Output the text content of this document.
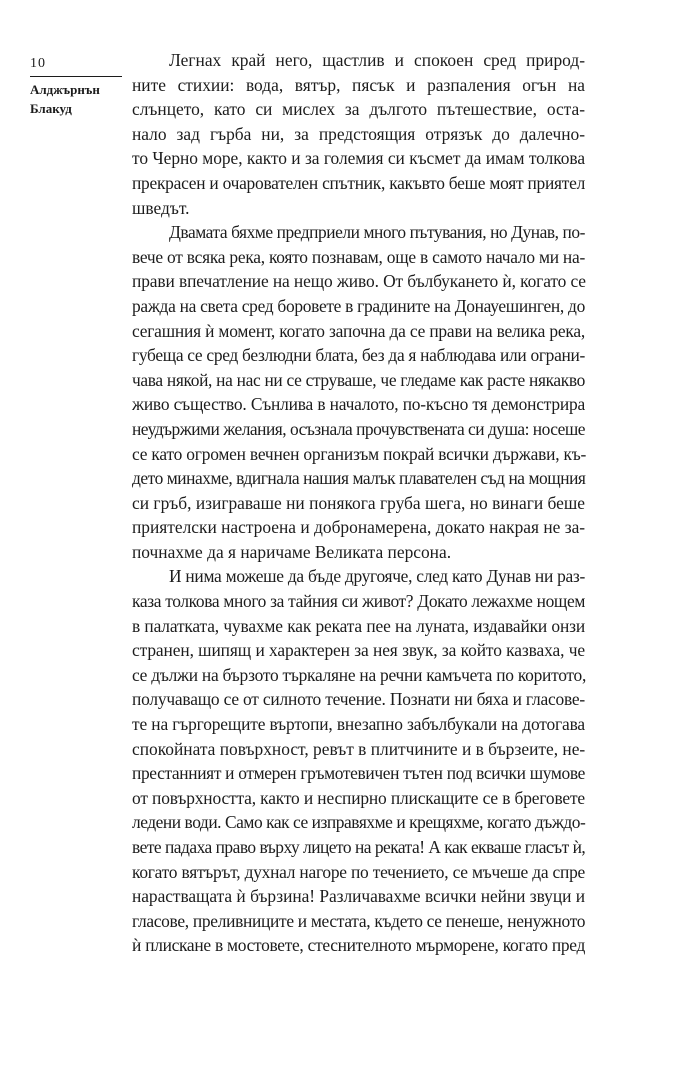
10
Алджърнън
Блакуд
Легнах край него, щастлив и спокоен сред природ-
ните стихии: вода, вятър, пясък и разпаления огън на
слънцето, като си мислех за дългото пътешествие, оста-
нало зад гърба ни, за предстоящия отрязък до далечно-
то Черно море, както и за големия си късмет да имам толкова
прекрасен и очарователен спътник, какъвто беше моят приятел
шведът.
Двамата бяхме предприели много пътувания, но Дунав, по-
вече от всяка река, която познавам, още в самото начало ми на-
прави впечатление на нещо живо. От бълбукането ѝ, когато се
ражда на света сред боровете в градините на Донауешинген, до
сегашния ѝ момент, когато започна да се прави на велика река,
губеща се сред безлюдни блата, без да я наблюдава или ограни-
чава някой, на нас ни се струваше, че гледаме как расте някакво
живо същество. Сънлива в началото, по-късно тя демонстрира
неудържими желания, осъзнала прочувствената си душа: носеше
се като огромен вечнен организъм покрай всички държави, къ-
дето минахме, вдигнала нашия малък плавателен съд на мощния
си гръб, изиграваше ни понякога груба шега, но винаги беше
приятелски настроена и добронамерена, докато накрая не за-
почнахме да я наричаме Великата персона.
И нима можеше да бъде другояче, след като Дунав ни раз-
каза толкова много за тайния си живот? Докато лежахме нощем
в палатката, чувахме как реката пее на луната, издавайки онзи
странен, шипящ и характерен за нея звук, за който казваха, че
се дължи на бързото търкаляне на речни камъчета по коритото,
получаващо се от силното течение. Познати ни бяха и гласове-
те на гъргорещите въртопи, внезапно забълбукали на дотогава
спокойната повърхност, ревът в плитчините и в бързеите, не-
престанният и отмерен гръмотевичен тътен под всички шумове
от повърхността, както и неспирно плискащите се в бреговете
ледени води. Само как се изправяхме и крещяхме, когато дъждо-
вете падаха право върху лицето на реката! А как екваше гласът ѝ,
когато вятърът, духнал нагоре по течението, се мъчеше да спре
нарастващата ѝ бързина! Различавахме всички нейни звуци и
гласове, преливниците и местата, където се пенеше, ненужното
ѝ плискане в мостовете, стеснителното мърморене, когато пред
